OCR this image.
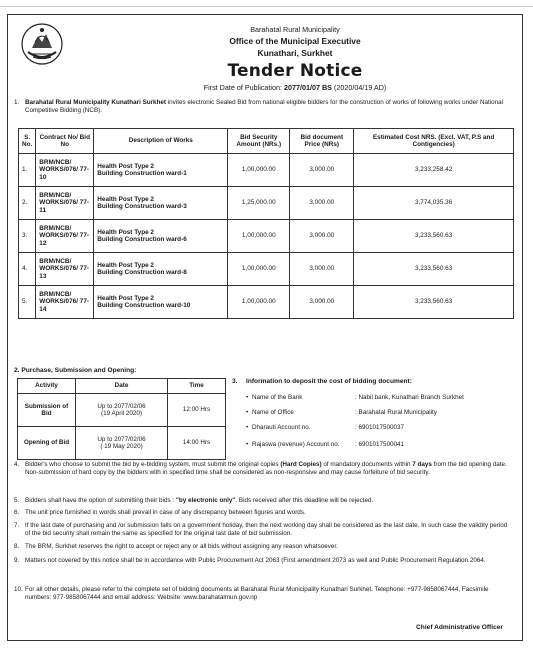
Barahatal Rural Municipality
Office of the Municipal Executive
Kunathari, Surkhet
Tender Notice
First Date of Publication: 2077/01/07 BS (2020/04/19 AD)
1. Barahatal Rural Municipality Kunathari Surkhet invites electronic Sealed Bid from national eligible bidders for the construction of works of following works under National Competitive Bidding (NCB).
S. No.	Contract No/ Bid No	Description of Works	Bid Security Amount (NRs.)	Bid document Price (NRs)	Estimated Cost NRS. (Excl. VAT, P.S and Contigencies)
1.	BRM/NCB/ WORKS/076/ 77-10	Health Post Type 2
Building Construction ward-1	1,00,000.00	3,000.00	3,233,258.42
2.	BRM/NCB/ WORKS/076/ 77-11	Health Post Type 2
Building Construction ward-3	1,25,000.00	3,000.00	3,774,035.36
3.	BRM/NCB/ WORKS/076/ 77-12	Health Post Type 2
Building Construction ward-6	1,00,000.00	3,000.00	3,233,560.63
4.	BRM/NCB/ WORKS/076/ 77-13	Health Post Type 2
Building Construction ward-8	1,00,000.00	3,000.00	3,233,560.63
5.	BRM/NCB/ WORKS/076/ 77-14	Health Post Type 2
Building Construction ward-10	1,00,000.00	3,000.00	3,233,560.63
2. Purchase, Submission and Opening:
Activity	Date	Time
Submission of Bid	Up to 2077/02/06
(19 April 2020)	12:00 Hrs
Opening of Bid	Up to 2077/02/06
( 19 May 2020)	14:00 Hrs
3. Information to deposit the cost of bidding document:
• Name of the Bank	: Nabil bank, Kunathari Branch Surkhet
• Name of Office	: Barahatal Rural Municipality
• Dharauti Account no.	: 6901017500037
• Rajaswa (revenue) Account no. : 6901017500041
4. Bidder's who choose to submit the bid by e-bidding system, must submit the original copies (Hard Copies) of mandatory documents within 7 days from the bid opening date. Non-submission of hard copy by the bidders with in specified time shall be considered as non-responsive and may cause forfeiture of bid security.
5. Bidders shall have the option of submitting their bids : "by electronic only". Bids received after this deadline will be rejected.
6. The unit price furnished in words shall prevail in case of any discrepancy between figures and words.
7. If the last date of purchasing and /or submission falls on a government holiday, then the next working day shall be considered as the last date. In such case the validity period of the bid security shall remain the same as specified for the original last date of bid submission.
8. The BRM, Surkhet reserves the right to accept or reject any or all bids without assigning any reason whatsoever.
9. Matters not covered by this notice shall be in accordance with Public Procurement Act 2063 (First amendment 2073 as well and Public Procurement Regulation 2064.
10. For all other details, please refer to the complete set of bidding documents at Barahatal Rural Municipality Kunathari Surkhet, Telephone: +977-9858067444, Facsimile numbers: 977-9858067444 and email address: Website: www.barahatalmun.gov.np
Chief Administrative Officer
